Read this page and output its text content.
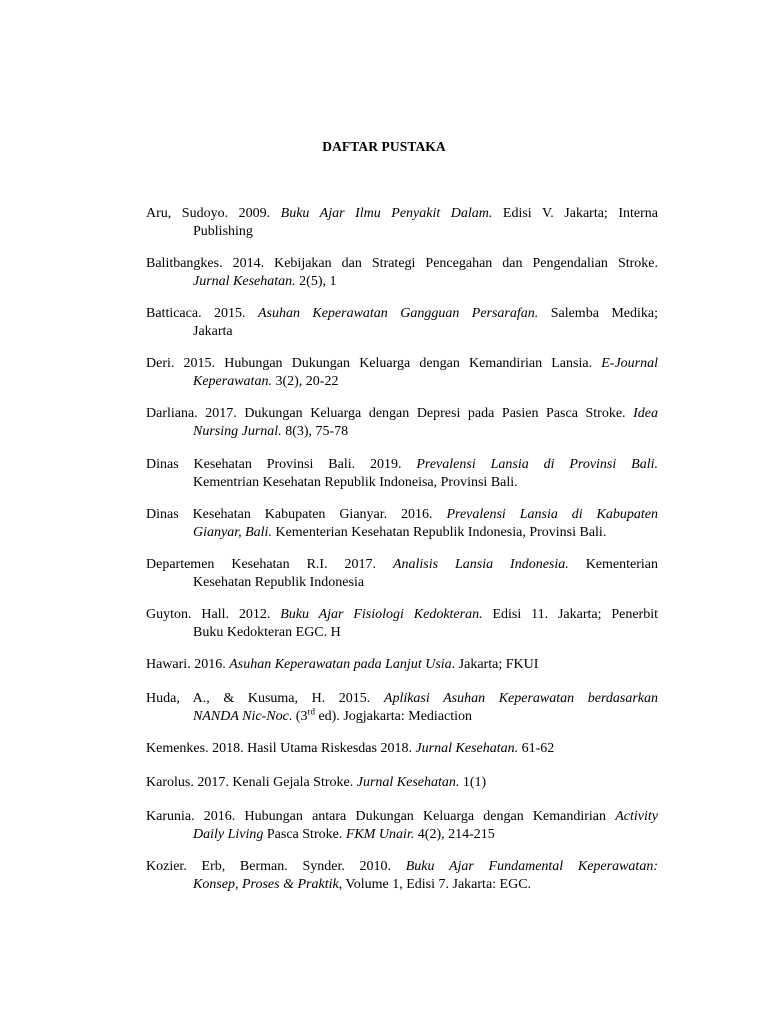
DAFTAR PUSTAKA
Aru, Sudoyo. 2009. Buku Ajar Ilmu Penyakit Dalam. Edisi V. Jakarta; Interna
Publishing
Balitbangkes. 2014. Kebijakan dan Strategi Pencegahan dan Pengendalian Stroke.
Jurnal Kesehatan. 2(5), 1
Batticaca. 2015. Asuhan Keperawatan Gangguan Persarafan. Salemba Medika;
Jakarta
Deri. 2015. Hubungan Dukungan Keluarga dengan Kemandirian Lansia. E-Journal
Keperawatan. 3(2), 20-22
Darliana. 2017. Dukungan Keluarga dengan Depresi pada Pasien Pasca Stroke. Idea
Nursing Jurnal. 8(3), 75-78
Dinas Kesehatan Provinsi Bali. 2019. Prevalensi Lansia di Provinsi Bali.
Kementrian Kesehatan Republik Indoneisa, Provinsi Bali.
Dinas Kesehatan Kabupaten Gianyar. 2016. Prevalensi Lansia di Kabupaten
Gianyar, Bali. Kementerian Kesehatan Republik Indonesia, Provinsi Bali.
Departemen Kesehatan R.I. 2017. Analisis Lansia Indonesia. Kementerian
Kesehatan Republik Indonesia
Guyton. Hall. 2012. Buku Ajar Fisiologi Kedokteran. Edisi 11. Jakarta; Penerbit
Buku Kedokteran EGC. H
Hawari. 2016. Asuhan Keperawatan pada Lanjut Usia. Jakarta; FKUI
Huda, A., & Kusuma, H. 2015. Aplikasi Asuhan Keperawatan berdasarkan
NANDA Nic-Noc. (3rd ed). Jogjakarta: Mediaction
Kemenkes. 2018. Hasil Utama Riskesdas 2018. Jurnal Kesehatan. 61-62
Karolus. 2017. Kenali Gejala Stroke. Jurnal Kesehatan. 1(1)
Karunia. 2016. Hubungan antara Dukungan Keluarga dengan Kemandirian Activity
Daily Living Pasca Stroke. FKM Unair. 4(2), 214-215
Kozier. Erb, Berman. Synder. 2010. Buku Ajar Fundamental Keperawatan:
Konsep, Proses & Praktik, Volume 1, Edisi 7. Jakarta: EGC.
